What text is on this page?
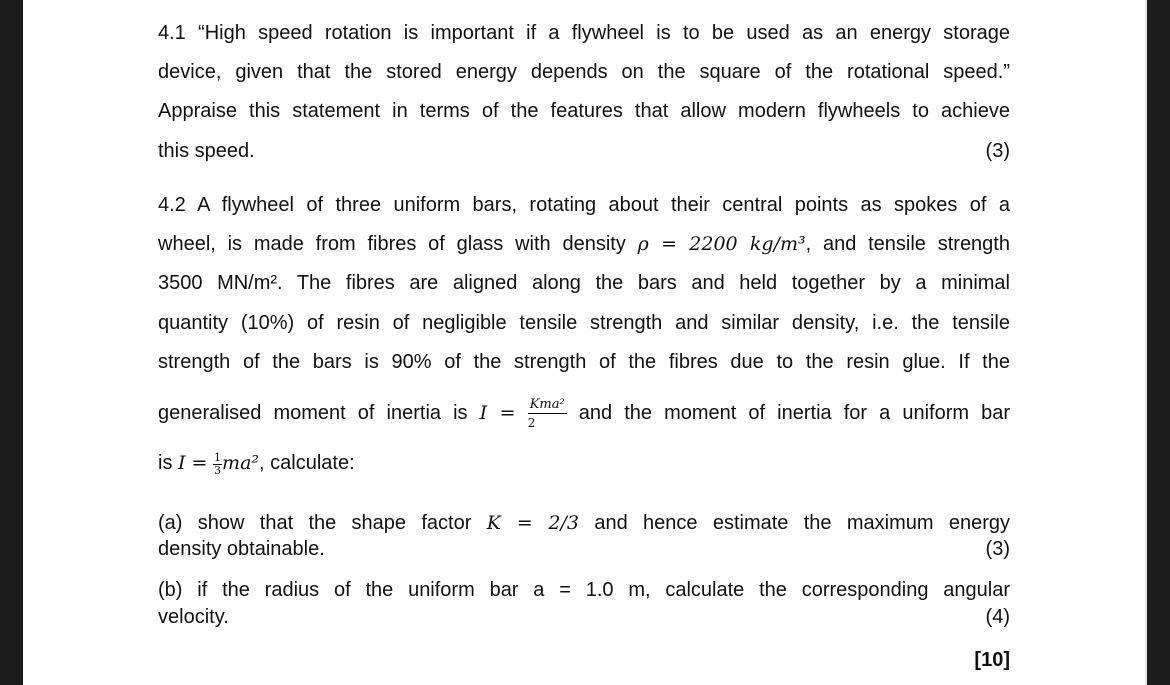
4.1 “High speed rotation is important if a flywheel is to be used as an energy storage
device, given that the stored energy depends on the square of the rotational speed.”
Appraise this statement in terms of the features that allow modern flywheels to achieve
this speed.	(3)
4.2 A flywheel of three uniform bars, rotating about their central points as spokes of a
wheel, is made from fibres of glass with density ρ = 2200 kg/m³, and tensile strength
3500 MN/m². The fibres are aligned along the bars and held together by a minimal
quantity (10%) of resin of negligible tensile strength and similar density, i.e. the tensile
strength of the bars is 90% of the strength of the fibres due to the resin glue. If the
generalised moment of inertia is $I = \frac{\text{Kma²}}{2}$ and the moment of inertia for a uniform bar
is $I = \frac{1}{3} ma^2$, calculate:
(a) show that the shape factor K = 2/3 and hence estimate the maximum energy
density obtainable.	(3)
(b) if the radius of the uniform bar a = 1.0 m, calculate the corresponding angular
velocity.	(4)
[10]
